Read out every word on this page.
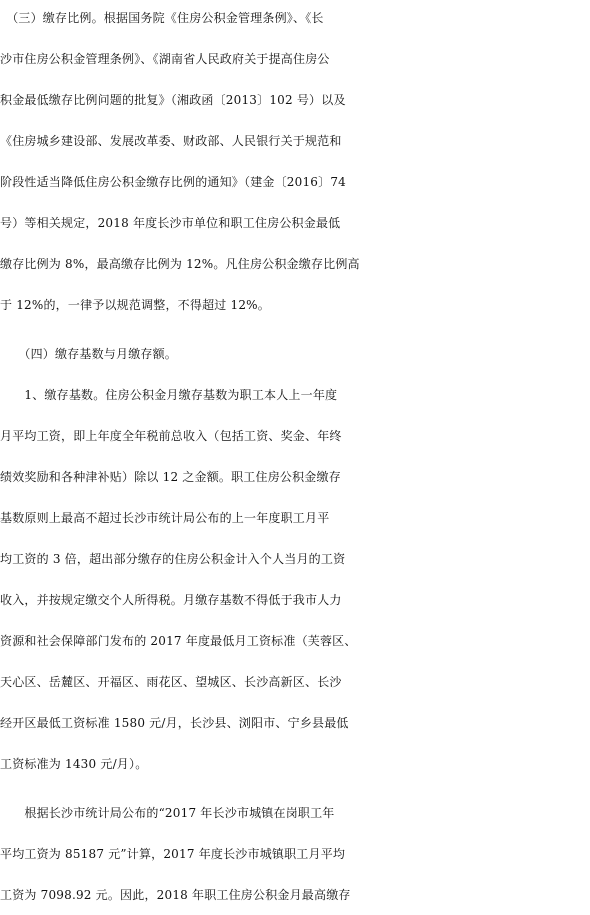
　（三）缴存比例。根据国务院《住房公积金管理条例》、《长
沙市住房公积金管理条例》、《湖南省人民政府关于提高住房公
积金最低缴存比例问题的批复》（湘政函〔2013〕102 号）以及
《住房城乡建设部、发展改革委、财政部、人民银行关于规范和
阶段性适当降低住房公积金缴存比例的通知》（建金〔2016〕74
号）等相关规定，2018 年度长沙市单位和职工住房公积金最低
缴存比例为 8%，最高缴存比例为 12%。凡住房公积金缴存比例高
于 12%的，一律予以规范调整，不得超过 12%。
　　（四）缴存基数与月缴存额。
　　1、缴存基数。住房公积金月缴存基数为职工本人上一年度
月平均工资，即上年度全年税前总收入（包括工资、奖金、年终
绩效奖励和各种津补贴）除以 12 之金额。职工住房公积金缴存
基数原则上最高不超过长沙市统计局公布的上一年度职工月平
均工资的 3 倍，超出部分缴存的住房公积金计入个人当月的工资
收入，并按规定缴交个人所得税。月缴存基数不得低于我市人力
资源和社会保障部门发布的 2017 年度最低月工资标准（芙蓉区、
天心区、岳麓区、开福区、雨花区、望城区、长沙高新区、长沙
经开区最低工资标准 1580 元/月，长沙县、浏阳市、宁乡县最低
工资标准为 1430 元/月）。
　　根据长沙市统计局公布的“2017 年长沙市城镇在岗职工年
平均工资为 85187 元”计算，2017 年度长沙市城镇职工月平均
工资为 7098.92 元。因此，2018 年职工住房公积金月最高缴存
